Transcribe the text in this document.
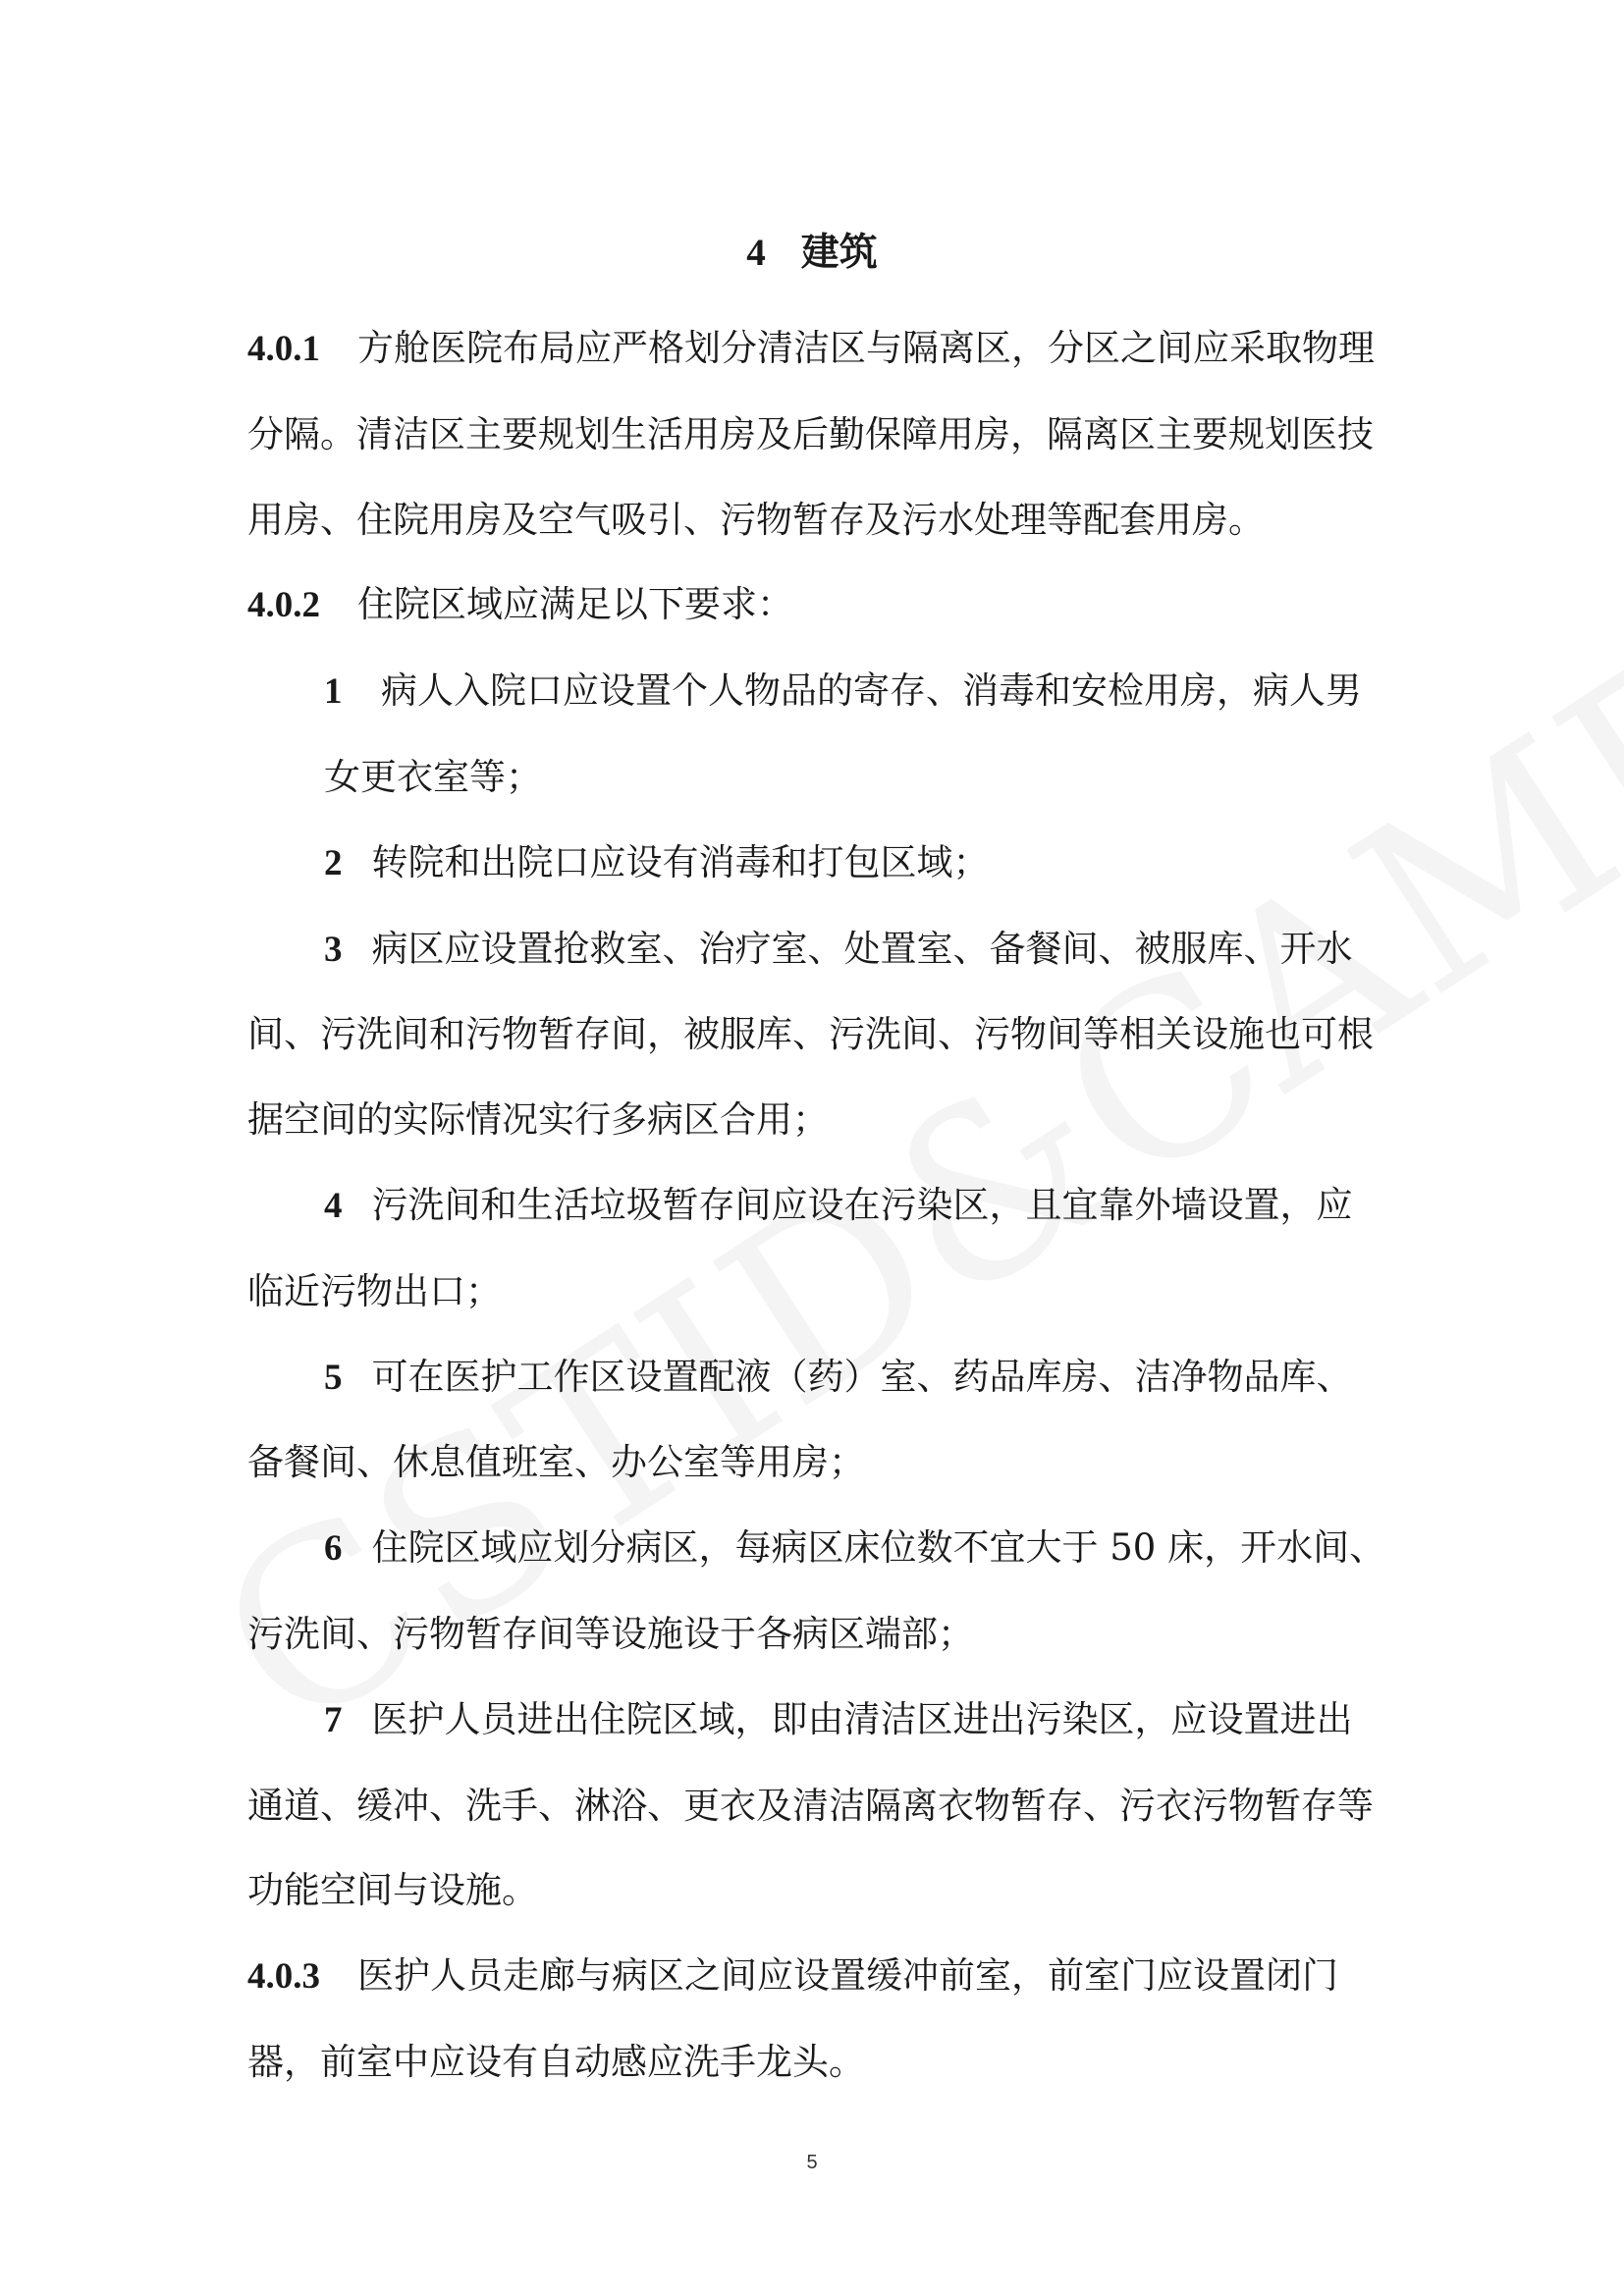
4 建筑

4.0.1 方舱医院布局应严格划分清洁区与隔离区，分区之间应采取物理分隔。清洁区主要规划生活用房及后勤保障用房，隔离区主要规划医技用房、住院用房及空气吸引、污物暂存及污水处理等配套用房。

4.0.2 住院区域应满足以下要求：

1 病人入院口应设置个人物品的寄存、消毒和安检用房，病人男女更衣室等；

2 转院和出院口应设有消毒和打包区域；

3 病区应设置抢救室、治疗室、处置室、备餐间、被服库、开水间、污洗间和污物暂存间，被服库、污洗间、污物间等相关设施也可根据空间的实际情况实行多病区合用；

4 污洗间和生活垃圾暂存间应设在污染区，且宜靠外墙设置，应临近污物出口；

5 可在医护工作区设置配液（药）室、药品库房、洁净物品库、备餐间、休息值班室、办公室等用房；

6 住院区域应划分病区，每病区床位数不宜大于 50 床，开水间、污洗间、污物暂存间等设施设于各病区端部；

7 医护人员进出住院区域，即由清洁区进出污染区，应设置进出通道、缓冲、洗手、淋浴、更衣及清洁隔离衣物暂存、污衣污物暂存等功能空间与设施。

4.0.3 医护人员走廊与病区之间应设置缓冲前室，前室门应设置闭门器，前室中应设有自动感应洗手龙头。

5
